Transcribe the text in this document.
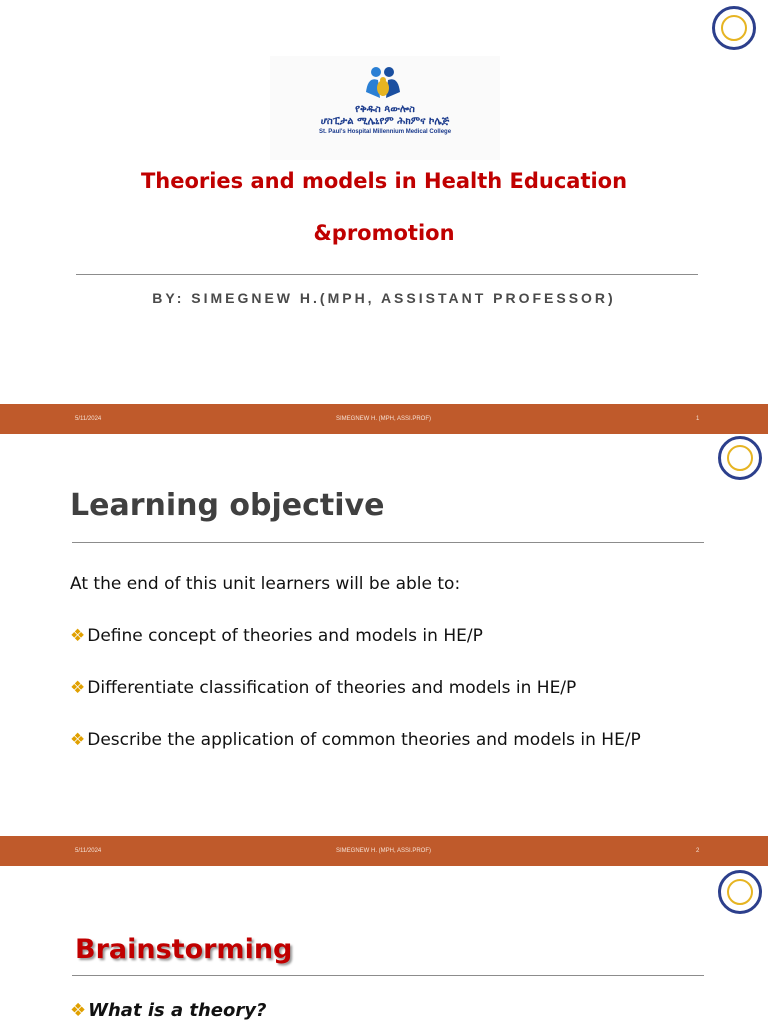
የቅዱስ ጳውሎስ
ሆስፒታል ሚሌኒየም ሕክምና ኮሌጅ
St. Paul's Hospital Millennium Medical College
Theories and models in Health Education
&promotion
BY: SIMEGNEW H.(MPH, ASSISTANT PROFESSOR)
5/11/2024	SIMEGNEW H. (MPH, ASSI.PROF)	1
Learning objective
At the end of this unit learners will be able to:
❖ Define concept of theories and models in HE/P
❖ Differentiate classification of theories and models in HE/P
❖ Describe the application of common theories and models in HE/P
5/11/2024	SIMEGNEW H. (MPH, ASSI.PROF)	2
Brainstorming
❖ What is a theory?
